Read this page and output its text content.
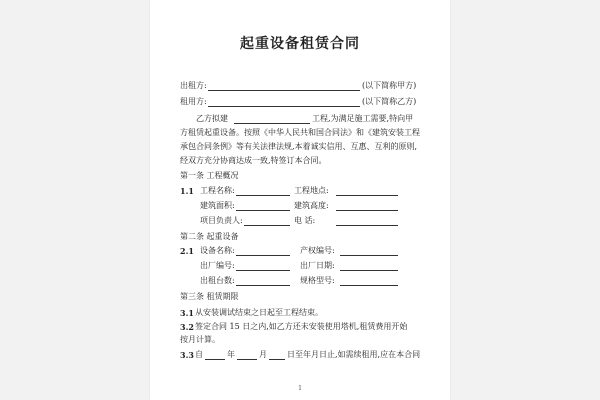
起重设备租赁合同
出租方:	(以下简称甲方)
租用方:	(以下简称乙方)
乙方拟建	工程,为满足施工需要,特向甲
方租赁起重设备。按照《中华人民共和国合同法》和《建筑安装工程
承包合同条例》等有关法律法规,本着诚实信用、互惠、互利的原则,
经双方充分协商达成一致,特签订本合同。
第一条 工程概况
1.1 工程名称:	工程地点:
建筑面积:	建筑高度:
项目负责人:	电 话:
第二条 起重设备
2.1 设备名称:	产权编号:
出厂编号:	出厂日期:
出租台数:	规格型号:
第三条 租赁期限
3.1 从安装调试结束之日起至工程结束。
3.2 签定合同 15 日之内,如乙方还未安装使用塔机,租赁费用开始
按月计算。
3.3 自	年	月	日至年月日止,如需续租用,应在本合同
1
